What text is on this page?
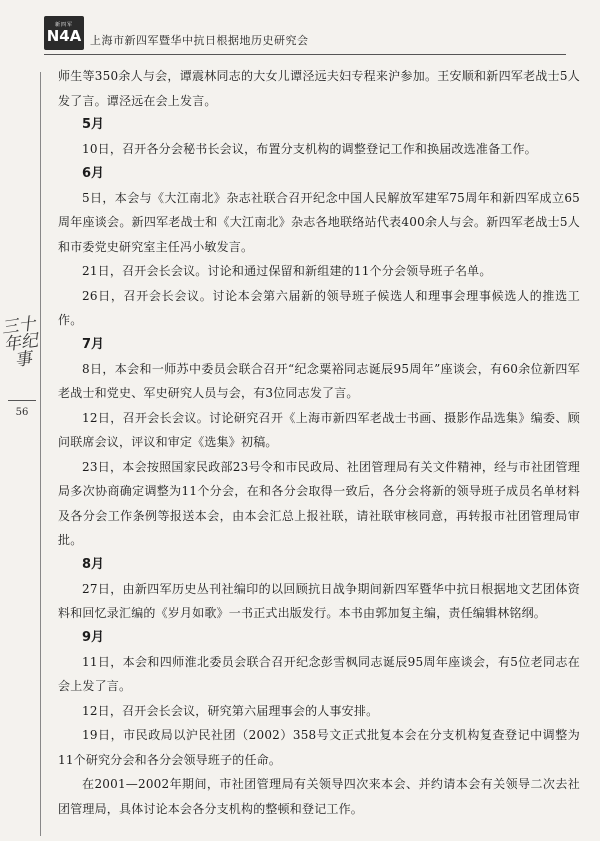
新四军
N4A 上海市新四军暨华中抗日根据地历史研究会
三十年纪事
56

师生等350余人与会，谭震林同志的大女儿谭泾远夫妇专程来沪参加。王安顺和新四军老战士5人发了言。谭泾远在会上发言。

5月

10日，召开各分会秘书长会议，布置分支机构的调整登记工作和换届改选准备工作。

6月

5日，本会与《大江南北》杂志社联合召开纪念中国人民解放军建军75周年和新四军成立65周年座谈会。新四军老战士和《大江南北》杂志各地联络站代表400余人与会。新四军老战士5人和市委党史研究室主任冯小敏发言。

21日，召开会长会议。讨论和通过保留和新组建的11个分会领导班子名单。

26日，召开会长会议。讨论本会第六届新的领导班子候选人和理事会理事候选人的推选工作。

7月

8日，本会和一师苏中委员会联合召开“纪念粟裕同志诞辰95周年”座谈会，有60余位新四军老战士和党史、军史研究人员与会，有3位同志发了言。

12日，召开会长会议。讨论研究召开《上海市新四军老战士书画、摄影作品选集》编委、顾问联席会议，评议和审定《选集》初稿。

23日，本会按照国家民政部23号令和市民政局、社团管理局有关文件精神，经与市社团管理局多次协商确定调整为11个分会，在和各分会取得一致后，各分会将新的领导班子成员名单材料及各分会工作条例等报送本会，由本会汇总上报社联，请社联审核同意，再转报市社团管理局审批。

8月

27日，由新四军历史丛刊社编印的以回顾抗日战争期间新四军暨华中抗日根据地文艺团体资料和回忆录汇编的《岁月如歌》一书正式出版发行。本书由郭加复主编，责任编辑林铭纲。

9月

11日，本会和四师淮北委员会联合召开纪念彭雪枫同志诞辰95周年座谈会，有5位老同志在会上发了言。

12日，召开会长会议，研究第六届理事会的人事安排。

19日，市民政局以沪民社团（2002）358号文正式批复本会在分支机构复查登记中调整为11个研究分会和各分会领导班子的任命。

在2001—2002年期间，市社团管理局有关领导四次来本会、并约请本会有关领导二次去社团管理局，具体讨论本会各分支机构的整顿和登记工作。
